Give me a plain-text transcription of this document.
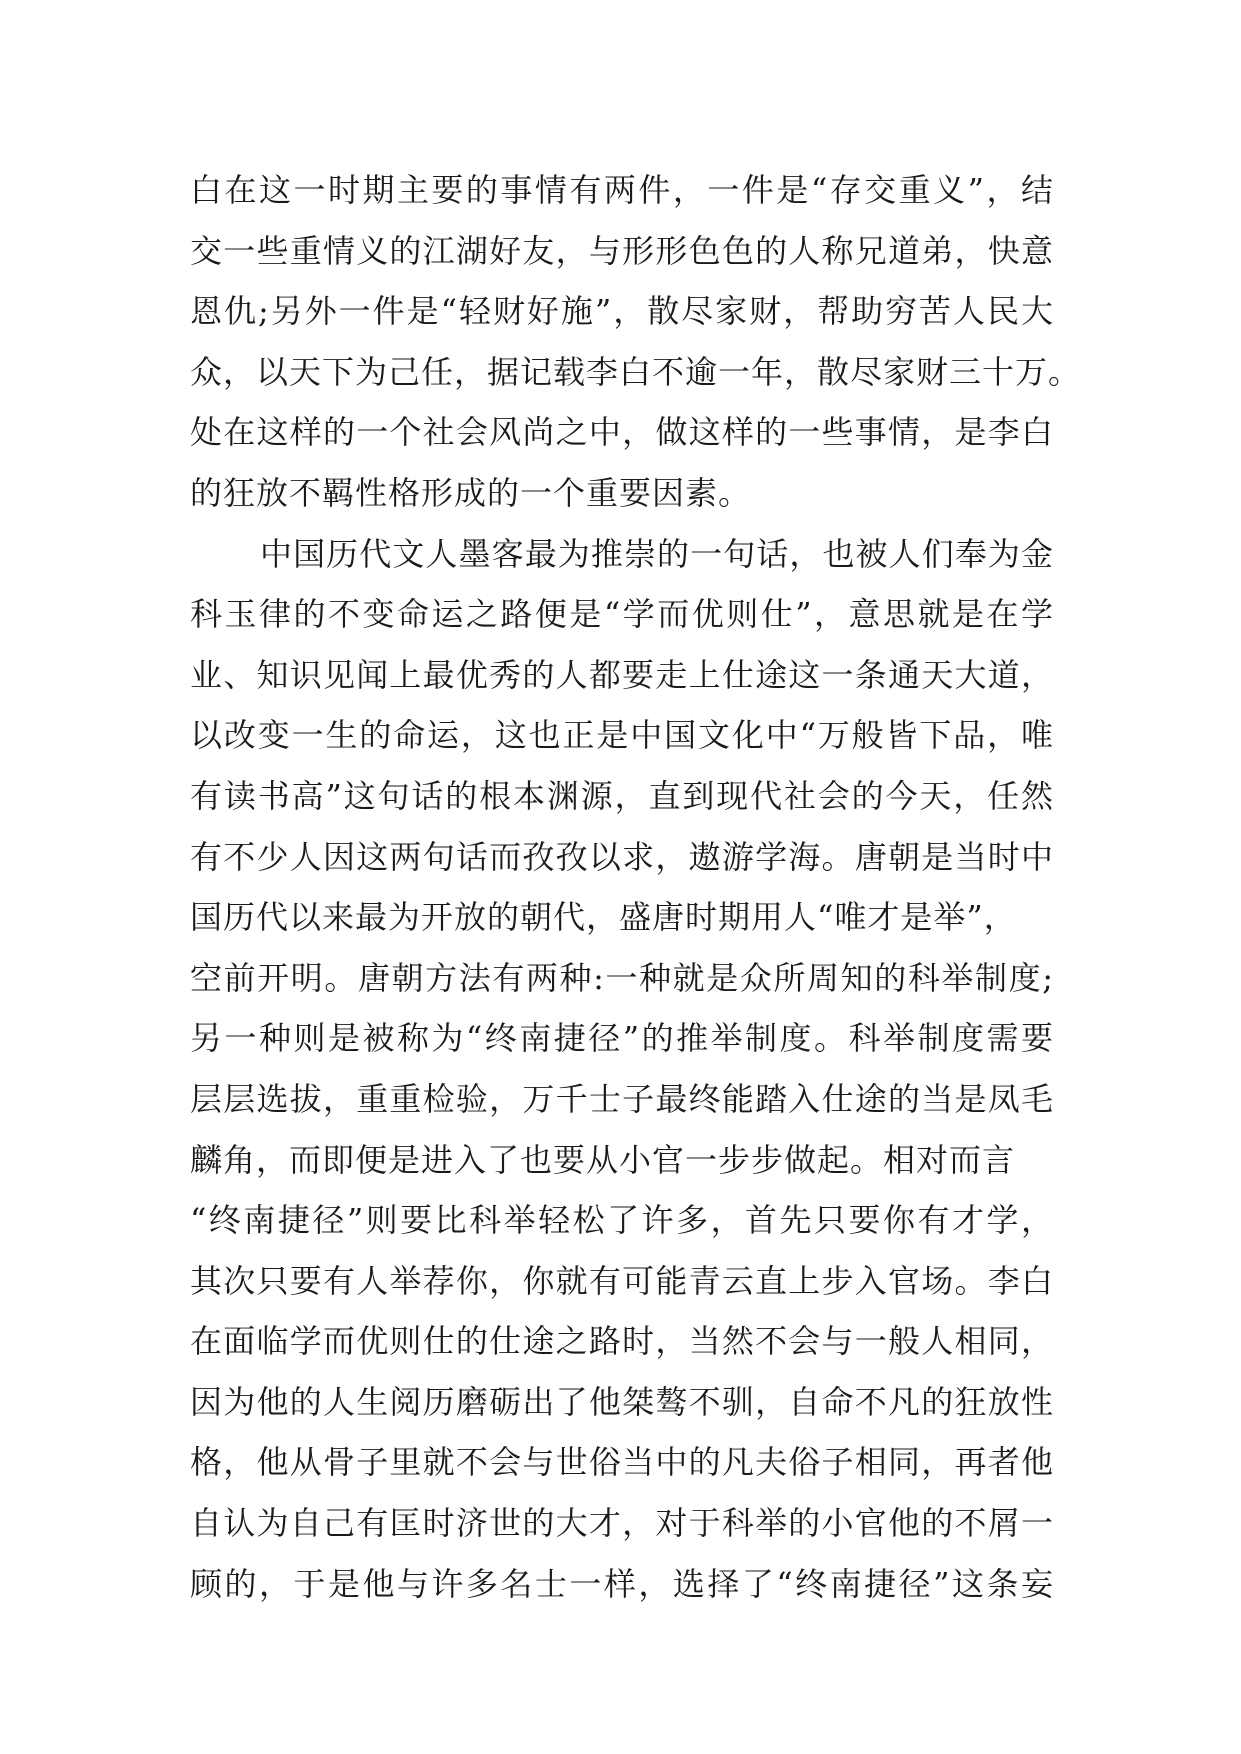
白在这一时期主要的事情有两件，一件是“存交重义”，结
交一些重情义的江湖好友，与形形色色的人称兄道弟，快意
恩仇;另外一件是“轻财好施”，散尽家财，帮助穷苦人民大
众，以天下为己任，据记载李白不逾一年，散尽家财三十万。
处在这样的一个社会风尚之中，做这样的一些事情，是李白
的狂放不羁性格形成的一个重要因素。
中国历代文人墨客最为推崇的一句话，也被人们奉为金
科玉律的不变命运之路便是“学而优则仕”，意思就是在学
业、知识见闻上最优秀的人都要走上仕途这一条通天大道，
以改变一生的命运，这也正是中国文化中“万般皆下品，唯
有读书高”这句话的根本渊源，直到现代社会的今天，任然
有不少人因这两句话而孜孜以求，遨游学海。唐朝是当时中
国历代以来最为开放的朝代，盛唐时期用人“唯才是举”，
空前开明。唐朝方法有两种:一种就是众所周知的科举制度;
另一种则是被称为“终南捷径”的推举制度。科举制度需要
层层选拔，重重检验，万千士子最终能踏入仕途的当是凤毛
麟角，而即便是进入了也要从小官一步步做起。相对而言
“终南捷径”则要比科举轻松了许多，首先只要你有才学，
其次只要有人举荐你，你就有可能青云直上步入官场。李白
在面临学而优则仕的仕途之路时，当然不会与一般人相同，
因为他的人生阅历磨砺出了他桀骜不驯，自命不凡的狂放性
格，他从骨子里就不会与世俗当中的凡夫俗子相同，再者他
自认为自己有匡时济世的大才，对于科举的小官他的不屑一
顾的，于是他与许多名士一样，选择了“终南捷径”这条妄
